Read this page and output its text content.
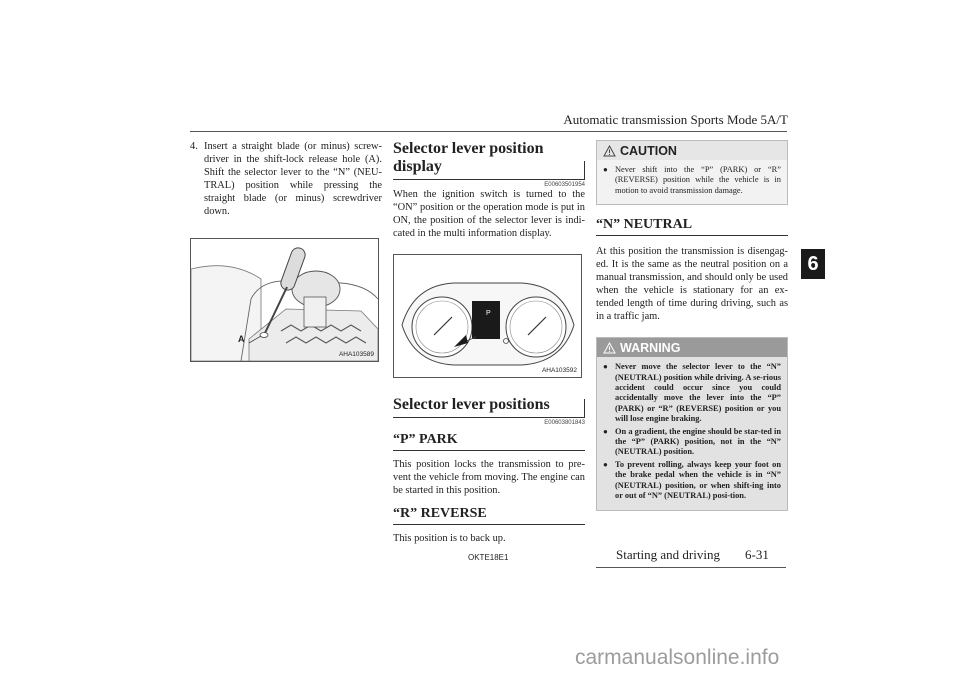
Automatic transmission Sports Mode 5A/T
6

4. Insert a straight blade (or minus) screw-driver in the shift-lock release hole (A). Shift the selector lever to the “N” (NEU-TRAL) position while pressing the straight blade (or minus) screwdriver down.

A
AHA103589
Selector lever position display
E00603501954

When the ignition switch is turned to the “ON” position or the operation mode is put in ON, the position of the selector lever is indi-cated in the multi information display.

P
AHA103592
Selector lever positions
E00603801843
“P” PARK

This position locks the transmission to pre-vent the vehicle from moving. The engine can be started in this position.

“R” REVERSE

This position is to back up.

CAUTION
● Never shift into the “P” (PARK) or “R” (REVERSE) position while the vehicle is in motion to avoid transmission damage.
“N” NEUTRAL

At this position the transmission is disengag-ed. It is the same as the neutral position on a manual transmission, and should only be used when the vehicle is stationary for an ex-tended length of time during driving, such as in a traffic jam.

WARNING
● Never move the selector lever to the “N” (NEUTRAL) position while driving. A se-rious accident could occur since you could accidentally move the lever into the “P” (PARK) or “R” (REVERSE) position or you will lose engine braking.
● On a gradient, the engine should be star-ted in the “P” (PARK) position, not in the “N” (NEUTRAL) position.
● To prevent rolling, always keep your foot on the brake pedal when the vehicle is in “N” (NEUTRAL) position, or when shift-ing into or out of “N” (NEUTRAL) posi-tion.
OKTE18E1	Starting and driving 6-31
carmanualsonline.info
